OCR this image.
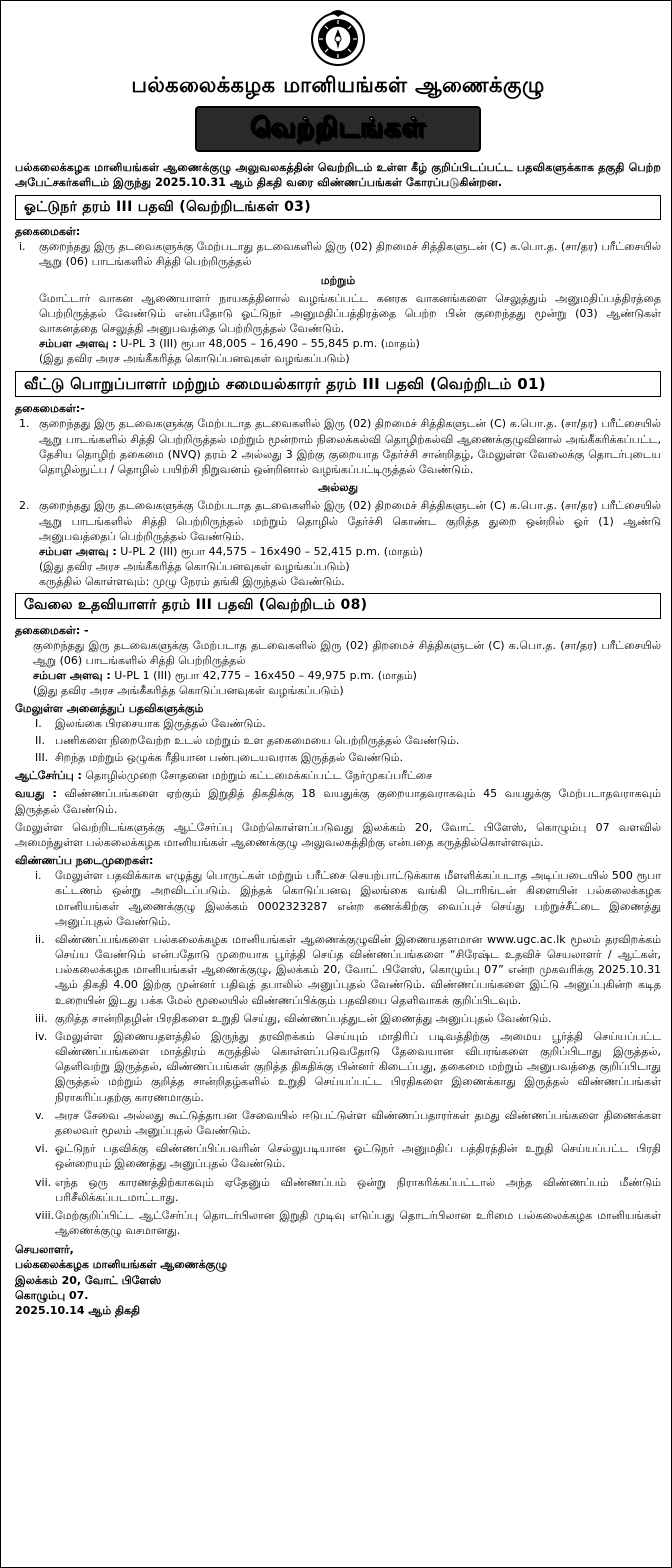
பல்கலைக்கழக மானியங்கள் ஆணைக்குழு
வெற்றிடங்கள்

பல்கலைக்கழக மானியங்கள் ஆணைக்குழு அலுவலகத்தின் வெற்றிடம் உள்ள கீழ் குறிப்பிடப்பட்ட பதவிகளுக்காக தகுதி பெற்ற அபேட்சகர்களிடம் இருந்து 2025.10.31 ஆம் திகதி வரை விண்ணப்பங்கள் கோரப்படுகின்றன.

ஓட்டுநர் தரம் III பதவி (வெற்றிடங்கள் 03)
தகைமைகள்:
i.	குறைந்தது இரு தடவைகளுக்கு மேற்படாது தடவைகளில் இரு (02) திறமைச் சித்திகளுடன் (C) க.பொ.த. (சா/தர) பரீட்சையில் ஆறு (06) பாடங்களில் சித்தி பெற்றிருத்தல்
மற்றும்

மோட்டார் வாகன ஆணையாளர் நாயகத்தினால் வழங்கப்பட்ட கனரக வாகனங்களை செலுத்தும் அனுமதிப்பத்திரத்தை பெற்றிருத்தல் வேண்டும் என்பதோடு ஓட்டுநர் அனுமதிப்பத்திரத்தை பெற்ற பின் குறைந்தது மூன்று (03) ஆண்டுகள் வாகனத்தை செலுத்தி அனுபவத்தை பெற்றிருத்தல் வேண்டும்.

சம்பள அளவு : U-PL 3 (III) ரூபா 48,005 – 16,490 – 55,845 p.m. (மாதம்)
(இது தவிர அரச அங்கீகரித்த கொடுப்பனவுகள் வழங்கப்படும்)
வீட்டு பொறுப்பாளர் மற்றும் சமையல்காரர் தரம் III பதவி (வெற்றிடம் 01)
தகைமைகள்:-
1. குறைந்தது இரு தடவைகளுக்கு மேற்படாத தடவைகளில் இரு (02) திறமைச் சித்திகளுடன் (C) க.பொ.த. (சா/தர) பரீட்சையில் ஆறு பாடங்களில் சித்தி பெற்றிருத்தல் மற்றும் மூன்றாம் நிலைக்கல்வி தொழிற்கல்வி ஆணைக்குழுவினால் அங்கீகரிக்கப்பட்ட, தேசிய தொழிற் தகைமை (NVQ) தரம் 2 அல்லது 3 இற்கு குறையாத தேர்ச்சி சான்றிதழ், மேலுள்ள வேலைக்கு தொடர்புடைய தொழில்நுட்ப / தொழில் பயிற்சி நிறுவனம் ஒன்றினால் வழங்கப்பட்டிருத்தல் வேண்டும்.
அல்லது
2. குறைந்தது இரு தடவைகளுக்கு மேற்படாத தடவைகளில் இரு (02) திறமைச் சித்திகளுடன் (C) க.பொ.த. (சா/தர) பரீட்சையில் ஆறு பாடங்களில் சித்தி பெற்றிருந்தல் மற்றும் தொழில் தேர்ச்சி கொண்ட குறித்த துறை ஒன்றில் ஓர் (1) ஆண்டு அனுபவத்தைப் பெற்றிருத்தல் வேண்டும்.
சம்பள அளவு : U-PL 2 (III) ரூபா 44,575 – 16x490 – 52,415 p.m. (மாதம்)
(இது தவிர அரச அங்கீகரித்த கொடுப்பனவுகள் வழங்கப்படும்)
கருத்தில் கொள்ளவும்: முழு நேரம் தங்கி இருந்தல் வேண்டும்.
வேலை உதவியாளர் தரம் III பதவி (வெற்றிடம் 08)
தகைமைகள்: -

குறைந்தது இரு தடவைகளுக்கு மேற்படாத தடவைகளில் இரு (02) திறமைச் சித்திகளுடன் (C) க.பொ.த. (சா/தர) பரீட்சையில் ஆறு (06) பாடங்களில் சித்தி பெற்றிருத்தல்

சம்பள அளவு : U-PL 1 (III) ரூபா 42,775 – 16x450 – 49,975 p.m. (மாதம்)
(இது தவிர அரச அங்கீகரித்த கொடுப்பனவுகள் வழங்கப்படும்)
மேலுள்ள அனைத்துப் பதவிகளுக்கும்
I.	இலங்கை பிரசையாக இருத்தல் வேண்டும்.
II. பணிகளை நிறைவேற்ற உடல் மற்றும் உள தகைமையை பெற்றிருத்தல் வேண்டும்.
III. சிறந்த மற்றும் ஒழுக்க ரீதியான பண்புடையவராக இருத்தல் வேண்டும்.
ஆட்சேர்ப்பு : தொழில்முறை சோதனை மற்றும் கட்டமைக்கப்பட்ட நேர்முகப்பரீட்சை
வயது : விண்ணப்பங்களை ஏற்கும் இறுதித் திகதிக்கு 18 வயதுக்கு குறையாதவராகவும் 45 வயதுக்கு மேற்படாதவராகவும் இருத்தல் வேண்டும்.

மேலுள்ள வெற்றிடங்களுக்கு ஆட்சேர்ப்பு மேற்கொள்ளப்படுவது இலக்கம் 20, வோட் பிளேஸ், கொழும்பு 07 வளவில் அமைந்துள்ள பல்கலைக்கழக மானியங்கள் ஆணைக்குழு அலுவலகத்திற்கு என்பதை கருத்தில்கொள்ளவும்.

விண்ணப்ப நடைமுறைகள்:
i.	மேலுள்ள பதவிக்காக எழுத்து பொருட்கள் மற்றும் பரீட்சை செயற்பாட்டுக்காக மீளளிக்கப்படாத அடிப்படையில் 500 ரூபா கட்டணம் ஒன்று அறவிடப்படும். இந்தக் கொடுப்பனவு இலங்கை வங்கி டொரிங்டன் கிளையின் பல்கலைக்கழக மானியங்கள் ஆணைக்குழு இலக்கம் 0002323287 என்ற கணக்கிற்கு வைப்புச் செய்து பற்றுச்சீட்டை இணைத்து அனுப்புதல் வேண்டும்.
ii. விண்ணப்பங்களை பல்கலைக்கழக மானியங்கள் ஆணைக்குழுவின் இணையதளமான www.ugc.ac.lk மூலம் தரவிறக்கம் செய்ய வேண்டும் என்பதோடு முறையாக பூர்த்தி செய்த விண்ணப்பங்களை “சிரேஷ்ட உதவிச் செயலாளர் / ஆட்கள், பல்கலைக்கழக மானியங்கள் ஆணைக்குழு, இலக்கம் 20, வோட் பிளேஸ், கொழும்பு 07” என்ற முகவரிக்கு 2025.10.31 ஆம் திகதி 4.00 இற்கு முன்னர் பதிவுத் தபாலில் அனுப்புதல் வேண்டும். விண்ணப்பங்களை இட்டு அனுப்புகின்ற கடித உறையின் இடது பக்க மேல் மூலையில் விண்ணப்பிக்கும் பதவியை தெளிவாகக் குறிப்பிடவும்.
iii. குறித்த சான்றிதழின் பிரதிகளை உறுதி செய்து, விண்ணப்பத்துடன் இணைத்து அனுப்புதல் வேண்டும்.
iv. மேலுள்ள இணையதளத்தில் இருந்து தரவிறக்கம் செய்யும் மாதிரிப் படிவத்திற்கு அமைய பூர்த்தி செய்யப்பட்ட விண்ணப்பங்களை மாத்திரம் கருத்தில் கொள்ளப்படுவதோடு தேவையான விபரங்களை குறிப்பிடாது இருத்தல், தெளிவற்று இருத்தல், விண்ணப்பங்கள் குறித்த திகதிக்கு பின்னர் கிடைப்பது, தகைமை மற்றும் அனுபவத்தை குறிப்பிடாது இருத்தல் மற்றும் குறித்த சான்றிதழ்களில் உறுதி செய்யப்பட்ட பிரதிகளை இணைக்காது இருத்தல் விண்ணப்பங்கள் நிராகரிப்பதற்கு காரணமாகும்.
v. அரச சேவை அல்லது கூட்டுத்தாபன சேவையில் ஈடுபட்டுள்ள விண்ணப்பதாரர்கள் தமது விண்ணப்பங்களை திணைக்கள தலைவர் மூலம் அனுப்புதல் வேண்டும்.
vi. ஓட்டுநர் பதவிக்கு விண்ணப்பிப்பவரின் செல்லுபடியான ஓட்டுநர் அனுமதிப் பத்திரத்தின் உறுதி செய்யப்பட்ட பிரதி ஒன்றையும் இணைத்து அனுப்புதல் வேண்டும்.
vii. எந்த ஒரு காரணத்திற்காகவும் ஏதேனும் விண்ணப்பம் ஒன்று நிராகரிக்கப்பட்டால் அந்த விண்ணப்பம் மீண்டும் பரிசீலிக்கப்படமாட்டாது.
viii. மேற்குறிப்பிட்ட ஆட்சேர்ப்பு தொடர்பிலான இறுதி முடிவு எடுப்பது தொடர்பிலான உரிமை பல்கலைக்கழக மானியங்கள் ஆணைக்குழு வசமானது.
செயலாளர்,
பல்கலைக்கழக மானியங்கள் ஆணைக்குழு
இலக்கம் 20, வோட் பிளேஸ்
கொழும்பு 07.
2025.10.14 ஆம் திகதி
